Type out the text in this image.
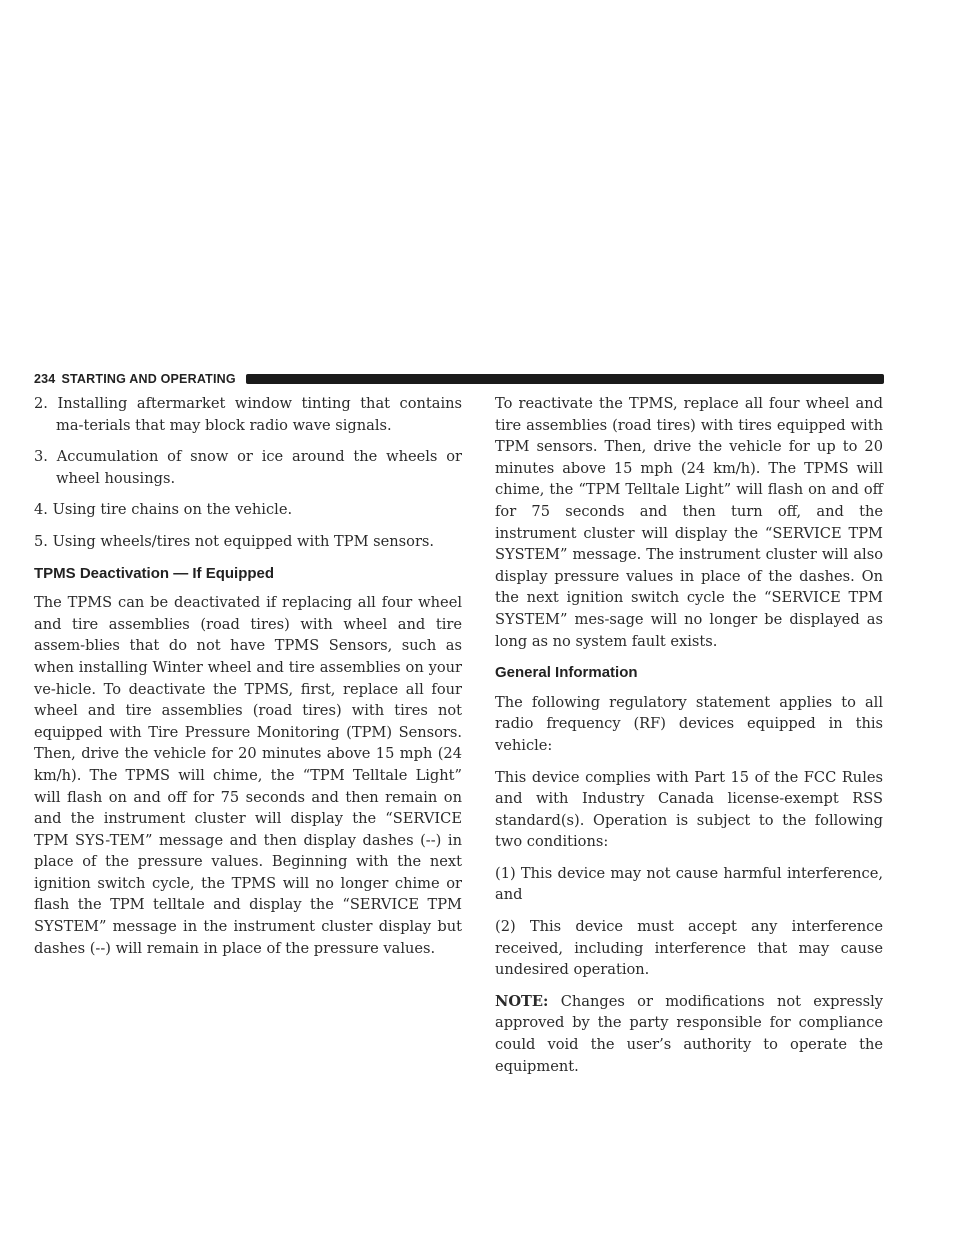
234 STARTING AND OPERATING
2. Installing aftermarket window tinting that contains ma-terials that may block radio wave signals.
3. Accumulation of snow or ice around the wheels or wheel housings.
4. Using tire chains on the vehicle.
5. Using wheels/tires not equipped with TPM sensors.
TPMS Deactivation — If Equipped

The TPMS can be deactivated if replacing all four wheel and tire assemblies (road tires) with wheel and tire assem-blies that do not have TPMS Sensors, such as when installing Winter wheel and tire assemblies on your ve-hicle. To deactivate the TPMS, first, replace all four wheel and tire assemblies (road tires) with tires not equipped with Tire Pressure Monitoring (TPM) Sensors. Then, drive the vehicle for 20 minutes above 15 mph (24 km/h). The TPMS will chime, the “TPM Telltale Light” will flash on and off for 75 seconds and then remain on and the instrument cluster will display the “SERVICE TPM SYS-TEM” message and then display dashes (--) in place of the pressure values. Beginning with the next ignition switch cycle, the TPMS will no longer chime or flash the TPM telltale and display the “SERVICE TPM SYSTEM” message in the instrument cluster display but dashes (--) will remain in place of the pressure values.

To reactivate the TPMS, replace all four wheel and tire assemblies (road tires) with tires equipped with TPM sensors. Then, drive the vehicle for up to 20 minutes above 15 mph (24 km/h). The TPMS will chime, the “TPM Telltale Light” will flash on and off for 75 seconds and then turn off, and the instrument cluster will display the “SERVICE TPM SYSTEM” message. The instrument cluster will also display pressure values in place of the dashes. On the next ignition switch cycle the “SERVICE TPM SYSTEM” mes-sage will no longer be displayed as long as no system fault exists.

General Information

The following regulatory statement applies to all radio frequency (RF) devices equipped in this vehicle:

This device complies with Part 15 of the FCC Rules and with Industry Canada license-exempt RSS standard(s). Operation is subject to the following two conditions:

(1) This device may not cause harmful interference, and

(2) This device must accept any interference received, including interference that may cause undesired operation.

NOTE: Changes or modifications not expressly approved by the party responsible for compliance could void the user’s authority to operate the equipment.
